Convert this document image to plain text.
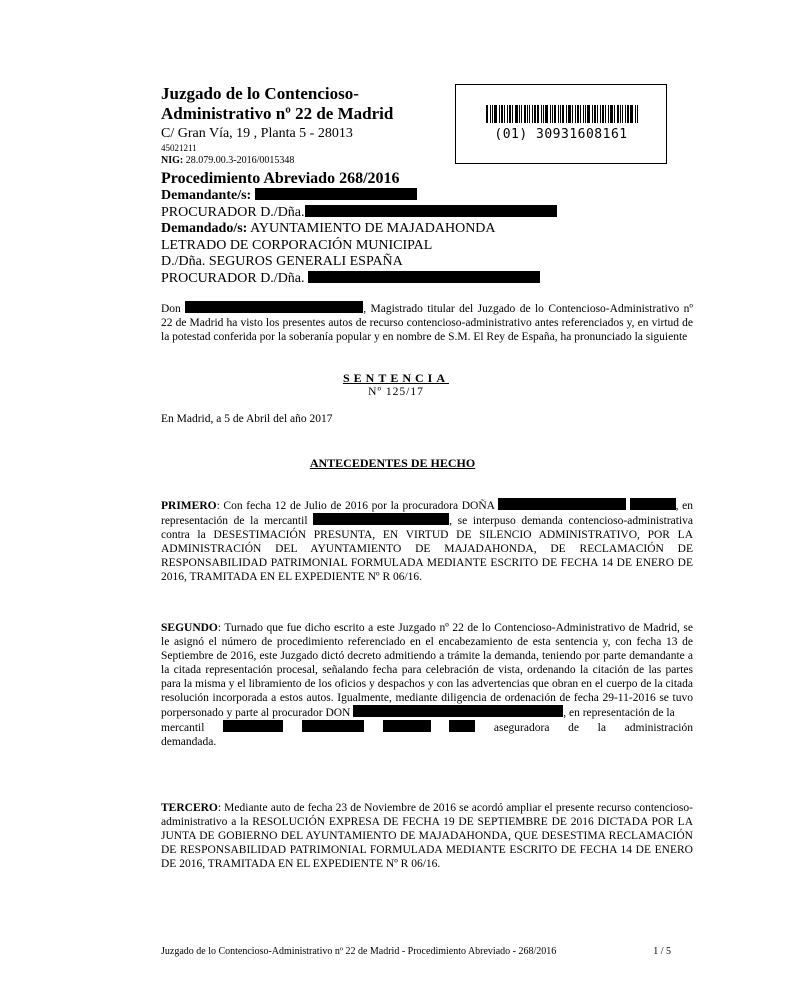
Juzgado de lo Contencioso-
Administrativo nº 22 de Madrid
C/ Gran Vía, 19 , Planta 5 - 28013
45021211
NIG: 28.079.00.3-2016/0015348
(01) 30931608161
Procedimiento Abreviado 268/2016
Demandante/s:
PROCURADOR D./Dña.
Demandado/s: AYUNTAMIENTO DE MAJADAHONDA
LETRADO DE CORPORACIÓN MUNICIPAL
D./Dña. SEGUROS GENERALI ESPAÑA
PROCURADOR D./Dña.
Don	, Magistrado titular del Juzgado de lo Contencioso-Administrativo nº 22 de Madrid ha visto los presentes autos de recurso contencioso-administrativo antes referenciados y, en virtud de la potestad conferida por la soberanía popular y en nombre de S.M. El Rey de España, ha pronunciado la siguiente
SENTENCIA
Nº 125/17
En Madrid, a 5 de Abril del año 2017
ANTECEDENTES DE HECHO
PRIMERO: Con fecha 12 de Julio de 2016 por la procuradora DOÑA	, en representación de la mercantil	, se interpuso demanda contencioso-administrativa contra la DESESTIMACIÓN PRESUNTA, EN VIRTUD DE SILENCIO ADMINISTRATIVO, POR LA ADMINISTRACIÓN DEL AYUNTAMIENTO DE MAJADAHONDA, DE RECLAMACIÓN DE RESPONSABILIDAD PATRIMONIAL FORMULADA MEDIANTE ESCRITO DE FECHA 14 DE ENERO DE 2016, TRAMITADA EN EL EXPEDIENTE Nº R 06/16.
SEGUNDO: Turnado que fue dicho escrito a este Juzgado nº 22 de lo Contencioso-Administrativo de Madrid, se le asignó el número de procedimiento referenciado en el encabezamiento de esta sentencia y, con fecha 13 de Septiembre de 2016, este Juzgado dictó decreto admitiendo a trámite la demanda, teniendo por parte demandante a la citada representación procesal, señalando fecha para celebración de vista, ordenando la citación de las partes para la misma y el libramiento de los oficios y despachos y con las advertencias que obran en el cuerpo de la citada resolución incorporada a estos autos. Igualmente, mediante diligencia de ordenación de fecha 29-11-2016 se tuvo porpersonado y parte al procurador DON	, en representación de la
mercantil	aseguradora de la administración
demandada.
TERCERO: Mediante auto de fecha 23 de Noviembre de 2016 se acordó ampliar el presente recurso contencioso-administrativo a la RESOLUCIÓN EXPRESA DE FECHA 19 DE SEPTIEMBRE DE 2016 DICTADA POR LA JUNTA DE GOBIERNO DEL AYUNTAMIENTO DE MAJADAHONDA, QUE DESESTIMA RECLAMACIÓN DE RESPONSABILIDAD PATRIMONIAL FORMULADA MEDIANTE ESCRITO DE FECHA 14 DE ENERO DE 2016, TRAMITADA EN EL EXPEDIENTE Nº R 06/16.
Juzgado de lo Contencioso-Administrativo nº 22 de Madrid - Procedimiento Abreviado - 268/2016	1 / 5
